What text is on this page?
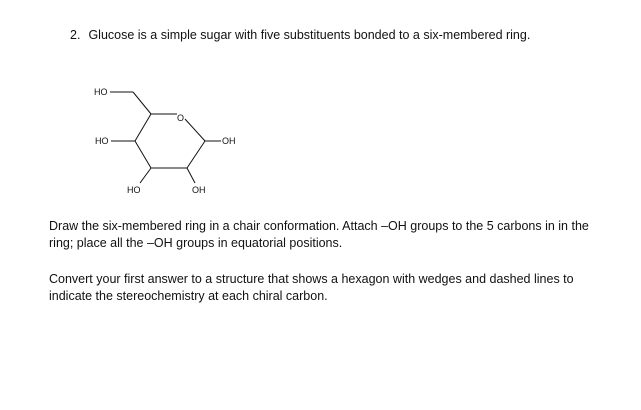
2. Glucose is a simple sugar with five substituents bonded to a six-membered ring.
HO
HO
O
OH
HO	OH

Draw the six-membered ring in a chair conformation. Attach –OH groups to the 5 carbons in in the ring; place all the –OH groups in equatorial positions.

Convert your first answer to a structure that shows a hexagon with wedges and dashed lines to indicate the stereochemistry at each chiral carbon.
